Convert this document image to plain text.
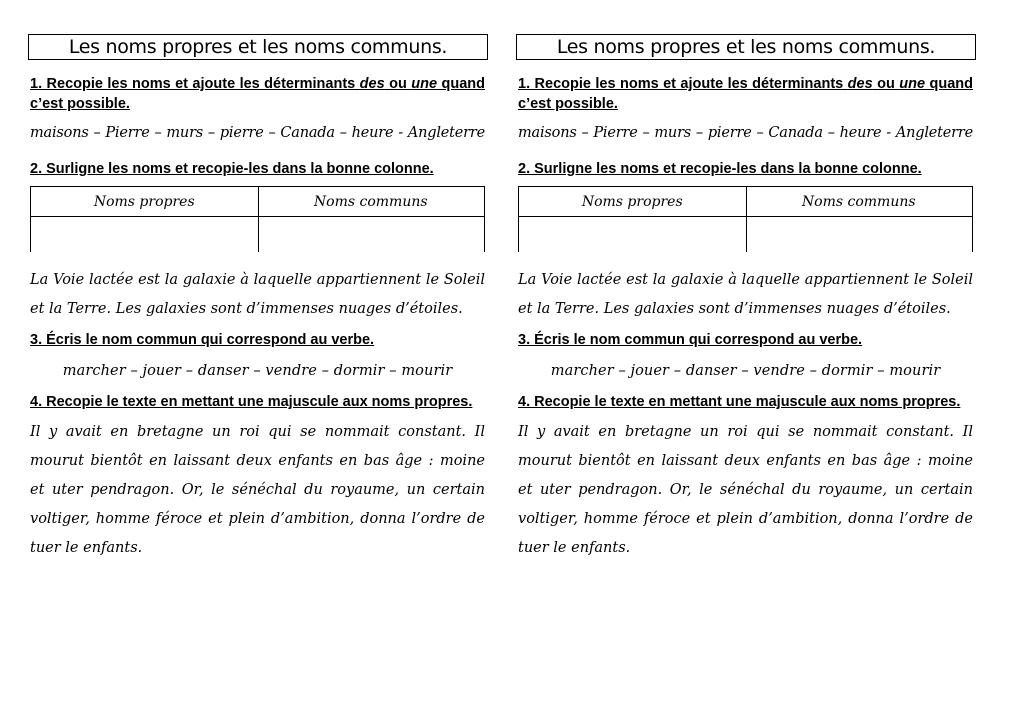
Les noms propres et les noms communs.
1. Recopie les noms et ajoute les déterminants des ou une quand c’est possible.
maisons – Pierre – murs – pierre – Canada – heure - Angleterre
2. Surligne les noms et recopie-les dans la bonne colonne.
Noms propres	Noms communs
La Voie lactée est la galaxie à laquelle appartiennent le Soleil et la Terre. Les galaxies sont d’immenses nuages d’étoiles.
3. Écris le nom commun qui correspond au verbe.
marcher – jouer – danser – vendre – dormir – mourir
4. Recopie le texte en mettant une majuscule aux noms propres.
Il y avait en bretagne un roi qui se nommait constant. Il mourut bientôt en laissant deux enfants en bas âge : moine et uter pendragon. Or, le sénéchal du royaume, un certain voltiger, homme féroce et plein d’ambition, donna l’ordre de tuer le enfants.
Les noms propres et les noms communs.
1. Recopie les noms et ajoute les déterminants des ou une quand c’est possible.
maisons – Pierre – murs – pierre – Canada – heure - Angleterre
2. Surligne les noms et recopie-les dans la bonne colonne.
Noms propres	Noms communs
La Voie lactée est la galaxie à laquelle appartiennent le Soleil et la Terre. Les galaxies sont d’immenses nuages d’étoiles.
3. Écris le nom commun qui correspond au verbe.
marcher – jouer – danser – vendre – dormir – mourir
4. Recopie le texte en mettant une majuscule aux noms propres.
Il y avait en bretagne un roi qui se nommait constant. Il mourut bientôt en laissant deux enfants en bas âge : moine et uter pendragon. Or, le sénéchal du royaume, un certain voltiger, homme féroce et plein d’ambition, donna l’ordre de tuer le enfants.
